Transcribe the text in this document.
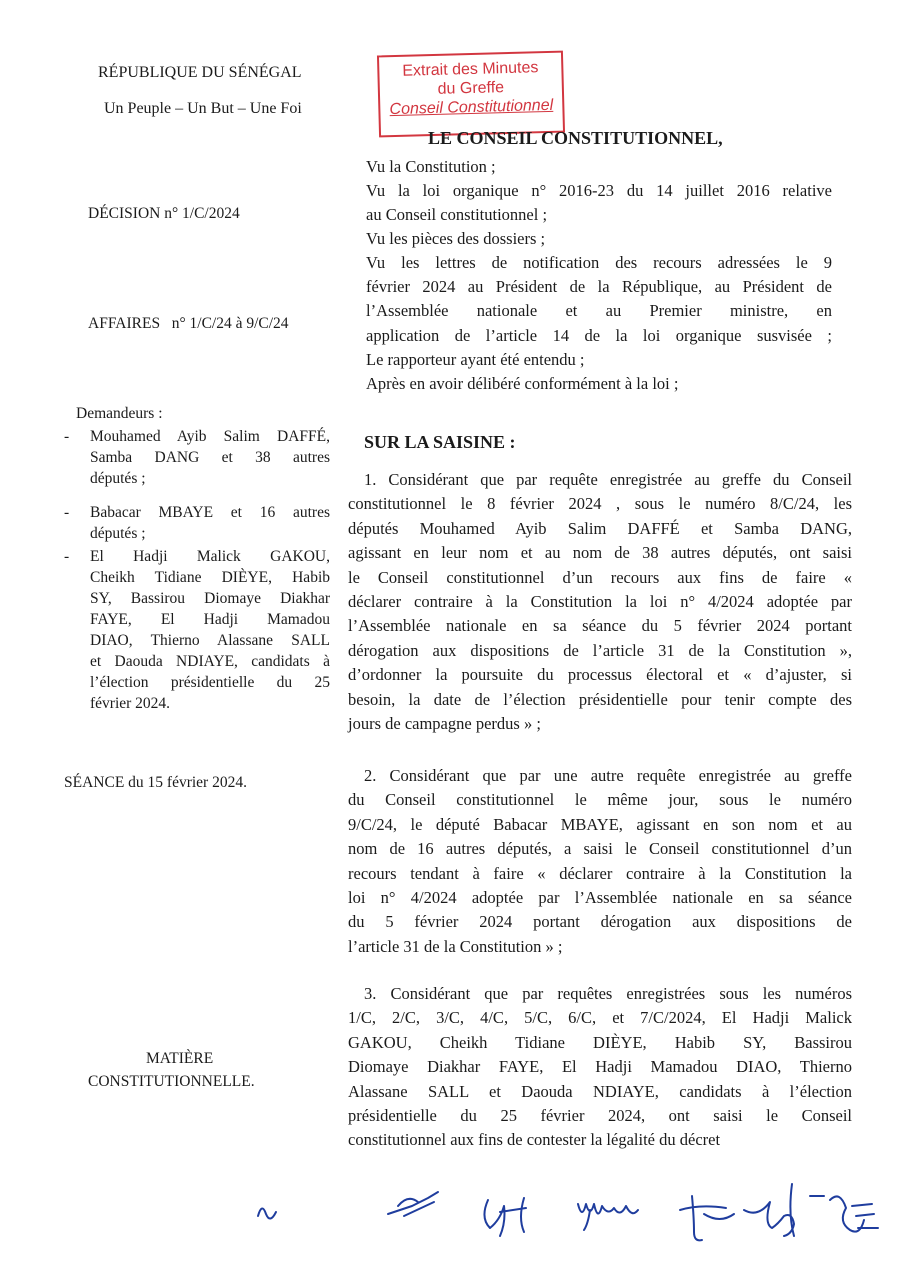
RÉPUBLIQUE DU SÉNÉGAL
Un Peuple – Un But – Une Foi
Extrait des Minutes
du Greffe
Conseil Constitutionnel
LE CONSEIL CONSTITUTIONNEL,
Vu la Constitution ;
Vu la loi organique n° 2016-23 du 14 juillet 2016 relative
au Conseil constitutionnel ;
Vu les pièces des dossiers ;
Vu les lettres de notification des recours adressées le 9
février 2024 au Président de la République, au Président de
l’Assemblée nationale et au Premier ministre, en
application de l’article 14 de la loi organique susvisée ;
Le rapporteur ayant été entendu ;
Après en avoir délibéré conformément à la loi ;
DÉCISION n° 1/C/2024
AFFAIRES   n° 1/C/24 à 9/C/24
Demandeurs :
- Mouhamed Ayib Salim DAFFÉ,
Samba DANG et 38 autres
députés ;
- Babacar MBAYE et 16 autres
députés ;
- El Hadji Malick GAKOU,
Cheikh Tidiane DIÈYE, Habib
SY, Bassirou Diomaye Diakhar
FAYE, El Hadji Mamadou
DIAO, Thierno Alassane SALL
et Daouda NDIAYE, candidats à
l’élection présidentielle du 25
février 2024.
SÉANCE du 15 février 2024.
MATIÈRE
CONSTITUTIONNELLE.
SUR LA SAISINE :
1. Considérant que par requête enregistrée au greffe du Conseil
constitutionnel le 8 février 2024 , sous le numéro 8/C/24, les
députés Mouhamed Ayib Salim DAFFÉ et Samba DANG,
agissant en leur nom et au nom de 38 autres députés, ont saisi
le Conseil constitutionnel d’un recours aux fins de faire «
déclarer contraire à la Constitution la loi n° 4/2024 adoptée par
l’Assemblée nationale en sa séance du 5 février 2024 portant
dérogation aux dispositions de l’article 31 de la Constitution »,
d’ordonner la poursuite du processus électoral et « d’ajuster, si
besoin, la date de l’élection présidentielle pour tenir compte des
jours de campagne perdus » ;
2. Considérant que par une autre requête enregistrée au greffe
du Conseil constitutionnel le même jour, sous le numéro
9/C/24, le député Babacar MBAYE, agissant en son nom et au
nom de 16 autres députés, a saisi le Conseil constitutionnel d’un
recours tendant à faire « déclarer contraire à la Constitution la
loi n° 4/2024 adoptée par l’Assemblée nationale en sa séance
du 5 février 2024 portant dérogation aux dispositions de
l’article 31 de la Constitution » ;
3. Considérant que par requêtes enregistrées sous les numéros
1/C, 2/C, 3/C, 4/C, 5/C, 6/C, et 7/C/2024, El Hadji Malick
GAKOU, Cheikh Tidiane DIÈYE, Habib SY, Bassirou
Diomaye Diakhar FAYE, El Hadji Mamadou DIAO, Thierno
Alassane SALL et Daouda NDIAYE, candidats à l’élection
présidentielle du 25 février 2024, ont saisi le Conseil
constitutionnel aux fins de contester la légalité du décret
